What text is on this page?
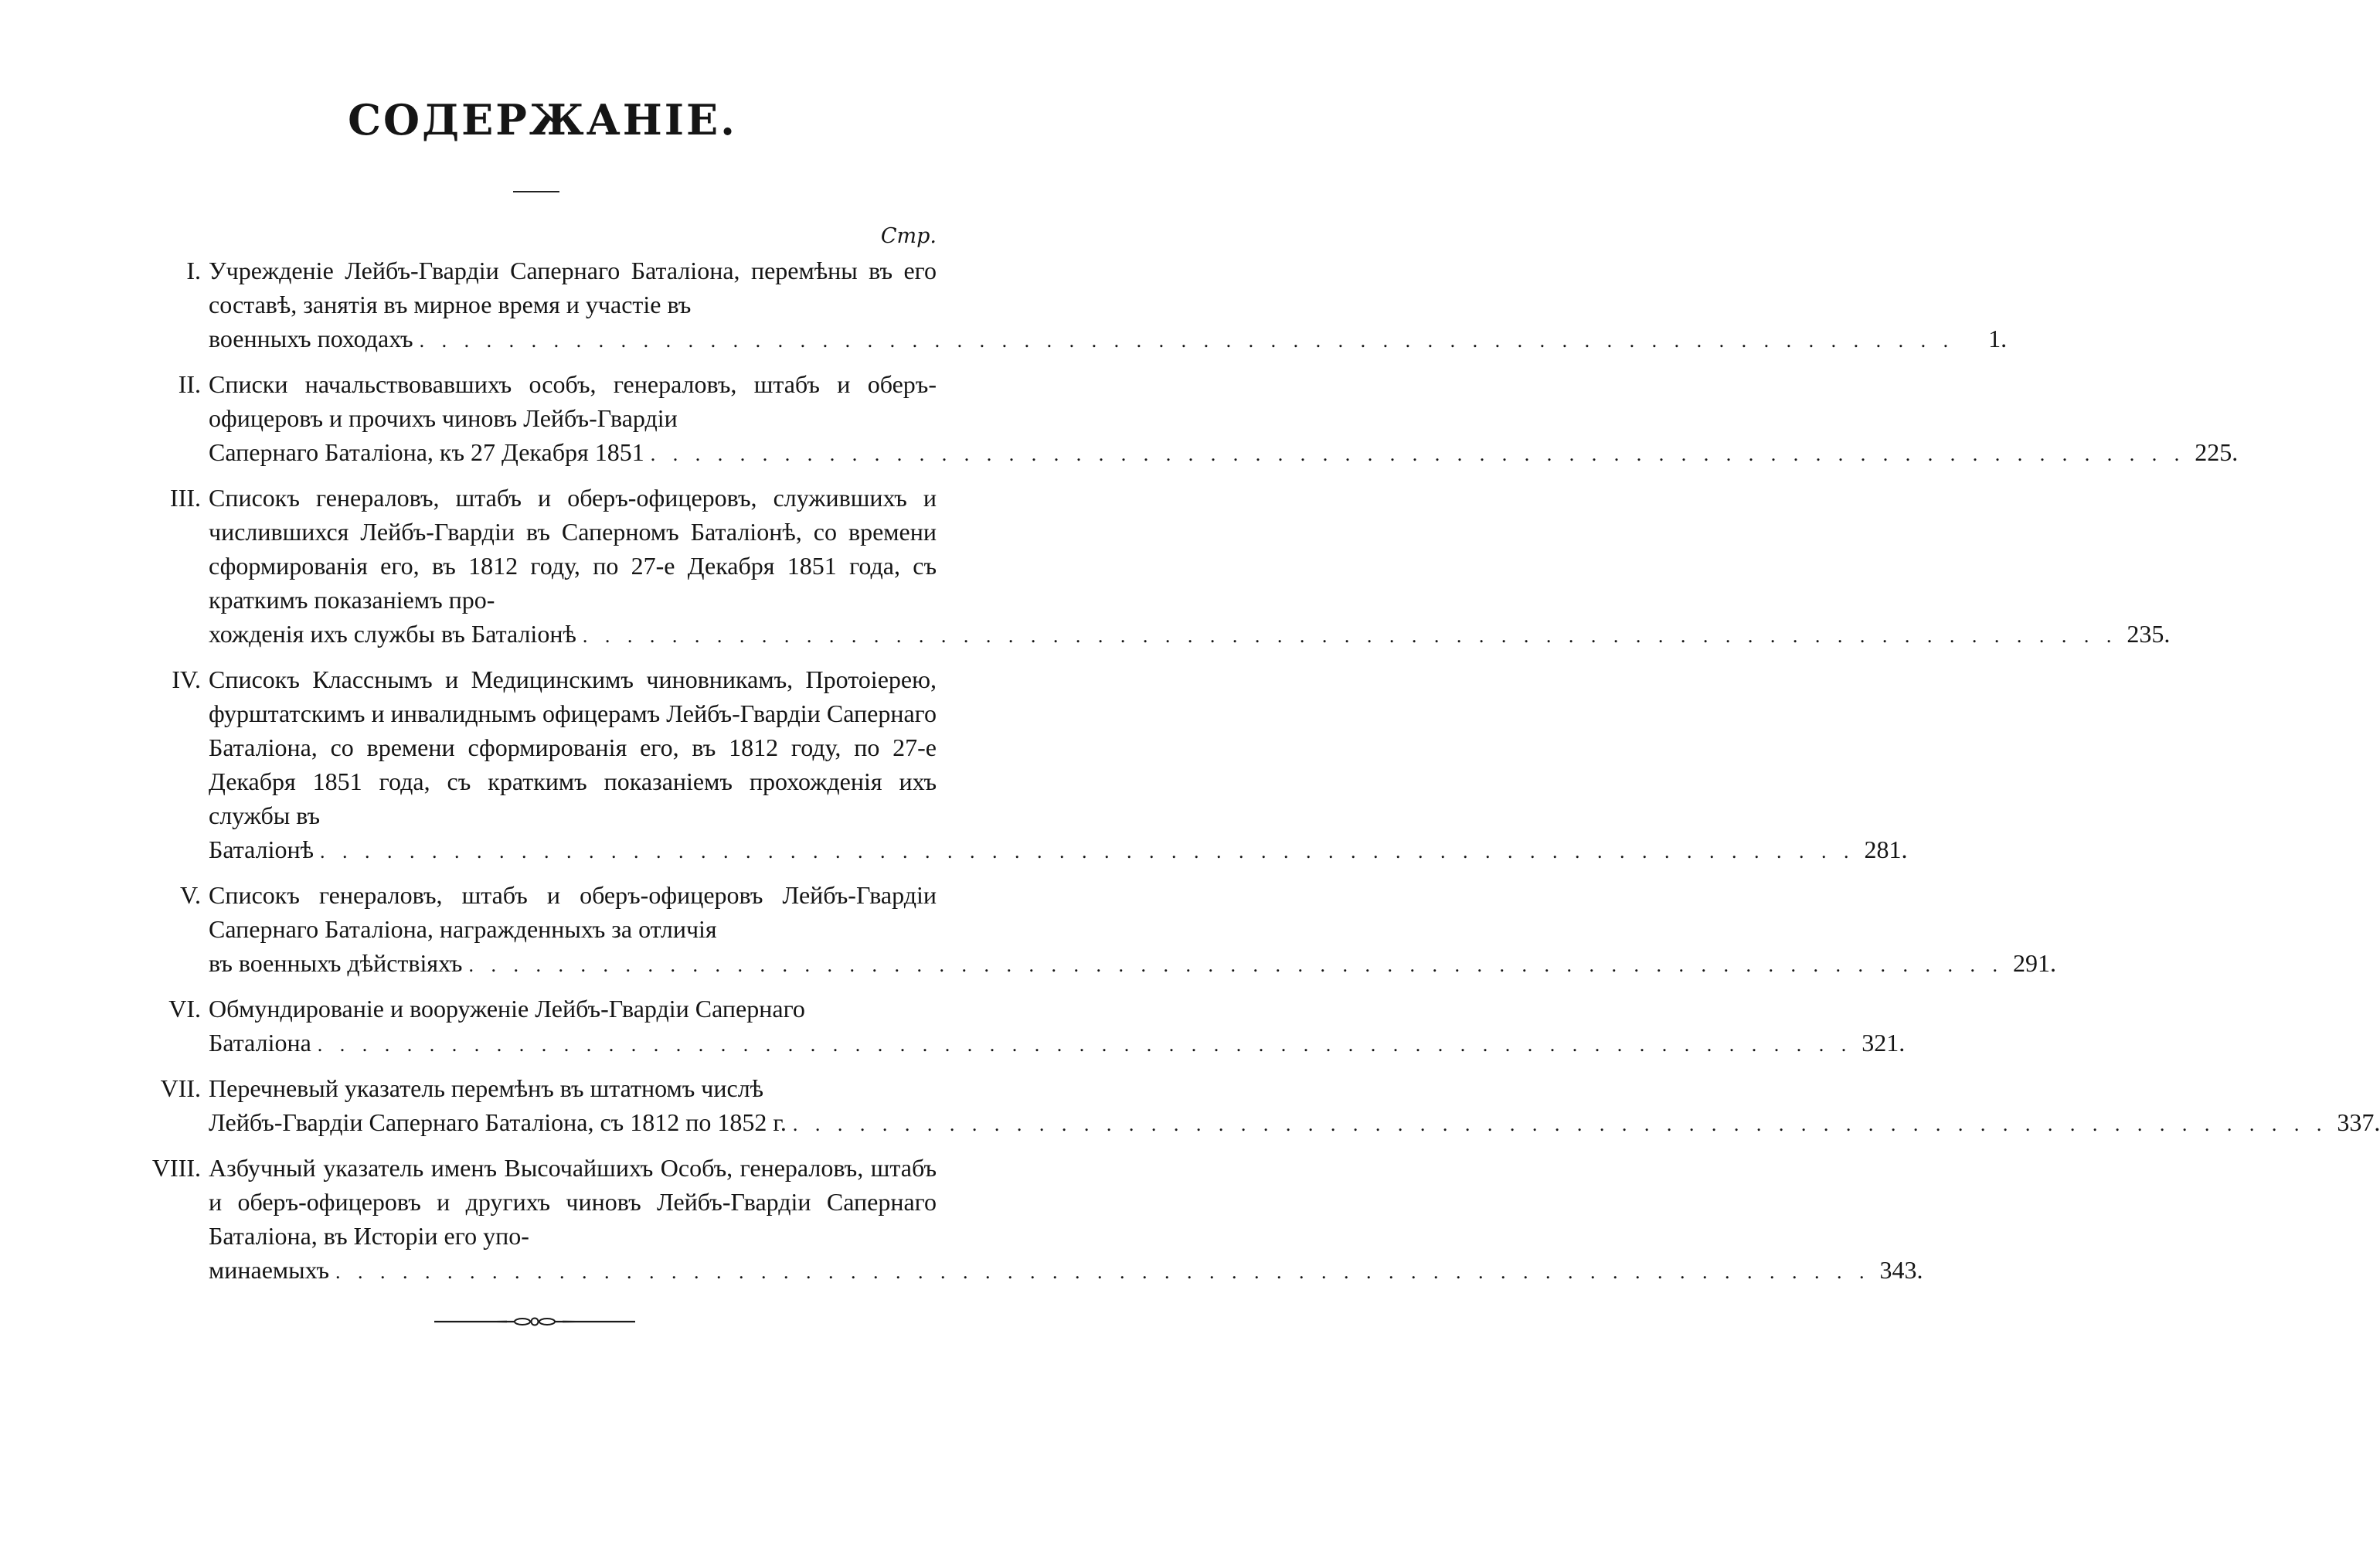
СОДЕРЖАНІЕ.
Стр.
I. Учрежденіе Лейбъ-Гвардіи Сапернаго Баталіона, перемѣны въ его составѣ, занятія въ мирное время и участіе въ
военныхъ походахъ . . . . . . . . . . . . . . . . . . . . . . . . . . . . . . . . . . . . . . . . . . . . . . . . . . . . . . . . . . . . . . . . . . . . .	1.
II. Списки начальствовавшихъ особъ, генераловъ, штабъ и оберъ-офицеровъ и прочихъ чиновъ Лейбъ-Гвардіи
Сапернаго Баталіона, къ 27 Декабря 1851 . . . . . . . . . . . . . . . . . . . . . . . . . . . . . . . . . . . . . . . . . . . . . . . . . . . . . . . . . . . . . . . . . . . . . 225.
III. Списокъ генераловъ, штабъ и оберъ-офицеровъ, служившихъ и числившихся Лейбъ-Гвардіи въ Саперномъ Баталіонѣ, со времени сформированія его, въ 1812 году, по 27-е Декабря 1851 года, съ краткимъ показаніемъ про-
хожденія ихъ службы въ Баталіонѣ . . . . . . . . . . . . . . . . . . . . . . . . . . . . . . . . . . . . . . . . . . . . . . . . . . . . . . . . . . . . . . . . . . . . . 235.
IV. Списокъ Класснымъ и Медицинскимъ чиновникамъ, Протоіерею, фурштатскимъ и инвалиднымъ офицерамъ Лейбъ-Гвардіи Сапернаго Баталіона, со времени сформированія его, въ 1812 году, по 27-е Декабря 1851 года, съ краткимъ показаніемъ прохожденія ихъ службы въ
Баталіонѣ . . . . . . . . . . . . . . . . . . . . . . . . . . . . . . . . . . . . . . . . . . . . . . . . . . . . . . . . . . . . . . . . . . . . . 281.
V. Списокъ генераловъ, штабъ и оберъ-офицеровъ Лейбъ-Гвардіи Сапернаго Баталіона, награжденныхъ за отличія
въ военныхъ дѣйствіяхъ . . . . . . . . . . . . . . . . . . . . . . . . . . . . . . . . . . . . . . . . . . . . . . . . . . . . . . . . . . . . . . . . . . . . . 291.
VI. Обмундированіе и вооруженіе Лейбъ-Гвардіи Сапернаго
Баталіона . . . . . . . . . . . . . . . . . . . . . . . . . . . . . . . . . . . . . . . . . . . . . . . . . . . . . . . . . . . . . . . . . . . . . 321.
VII. Перечневый указатель перемѣнъ въ штатномъ числѣ
Лейбъ-Гвардіи Сапернаго Баталіона, съ 1812 по 1852 г. . . . . . . . . . . . . . . . . . . . . . . . . . . . . . . . . . . . . . . . . . . . . . . . . . . . . . . . . . . . . . . . . . . . . . 337.
VIII. Азбучный указатель именъ Высочайшихъ Особъ, генераловъ, штабъ и оберъ-офицеровъ и другихъ чиновъ Лейбъ-Гвардіи Сапернаго Баталіона, въ Исторіи его упо-
минаемыхъ . . . . . . . . . . . . . . . . . . . . . . . . . . . . . . . . . . . . . . . . . . . . . . . . . . . . . . . . . . . . . . . . . . . . . 343.
